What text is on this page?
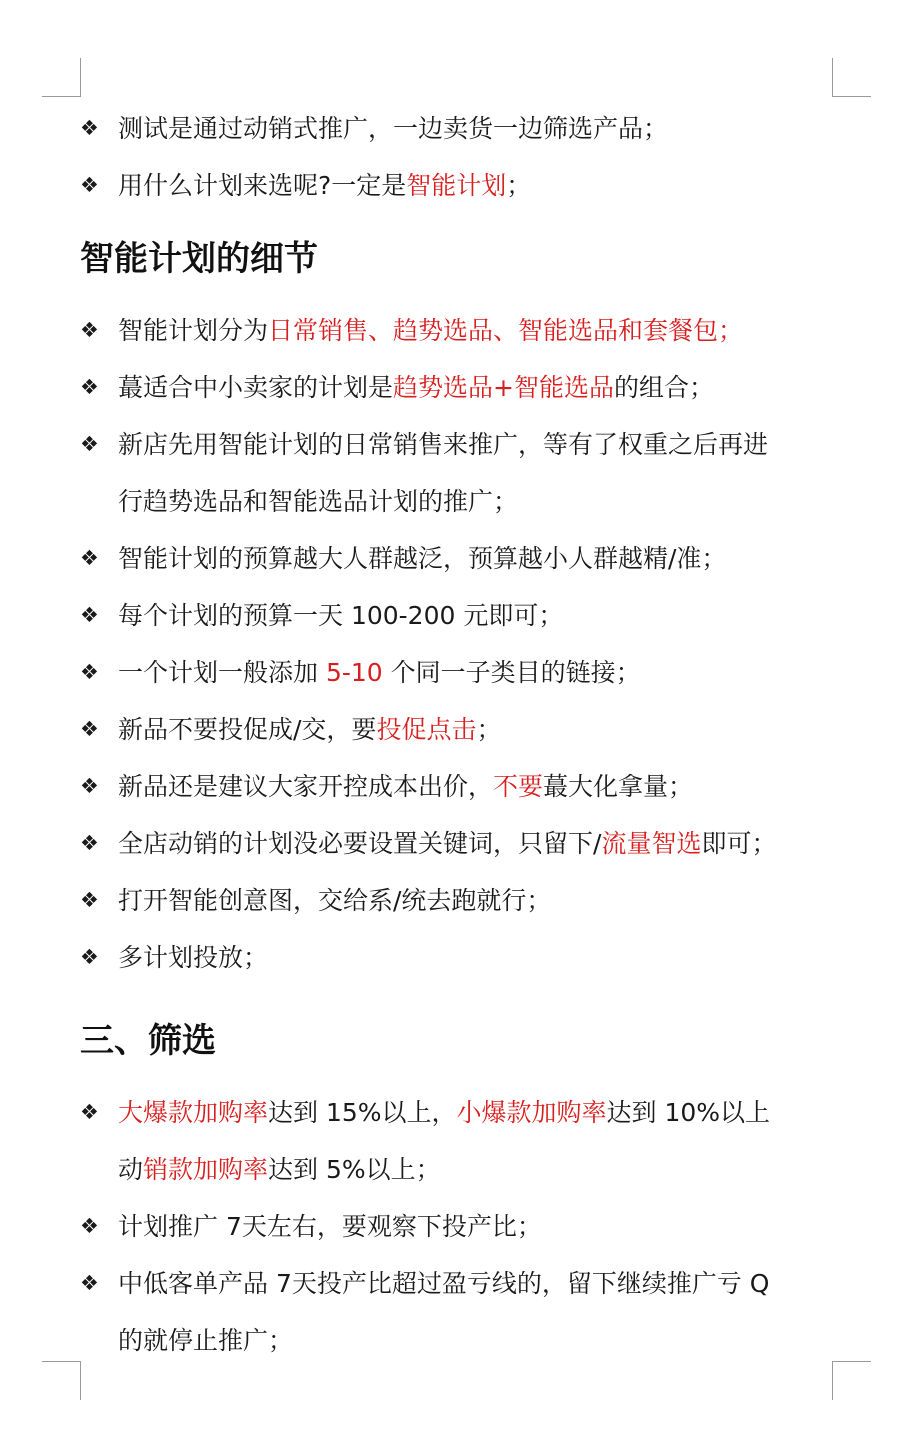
❖ 测试是通过动销式推广，一边卖货一边筛选产品；
❖ 用什么计划来选呢?一定是智能计划；
智能计划的细节
❖ 智能计划分为日常销售、趋势选品、智能选品和套餐包；
❖ 蕞适合中小卖家的计划是趋势选品+智能选品的组合；
❖ 新店先用智能计划的日常销售来推广，等有了权重之后再进
行趋势选品和智能选品计划的推广；
❖ 智能计划的预算越大人群越泛，预算越小人群越精/准；
❖ 每个计划的预算一天 100-200 元即可；
❖ 一个计划一般添加 5-10 个同一子类目的链接；
❖ 新品不要投促成/交，要投促点击；
❖ 新品还是建议大家开控成本出价，不要蕞大化拿量；
❖ 全店动销的计划没必要设置关键词，只留下/流量智选即可；
❖ 打开智能创意图，交给系/统去跑就行；
❖ 多计划投放；
三、筛选
❖ 大爆款加购率达到 15%以上，小爆款加购率达到 10%以上
动销款加购率达到 5%以上；
❖ 计划推广 7天左右，要观察下投产比；
❖ 中低客单产品 7天投产比超过盈亏线的，留下继续推广亏 Q
的就停止推广；
